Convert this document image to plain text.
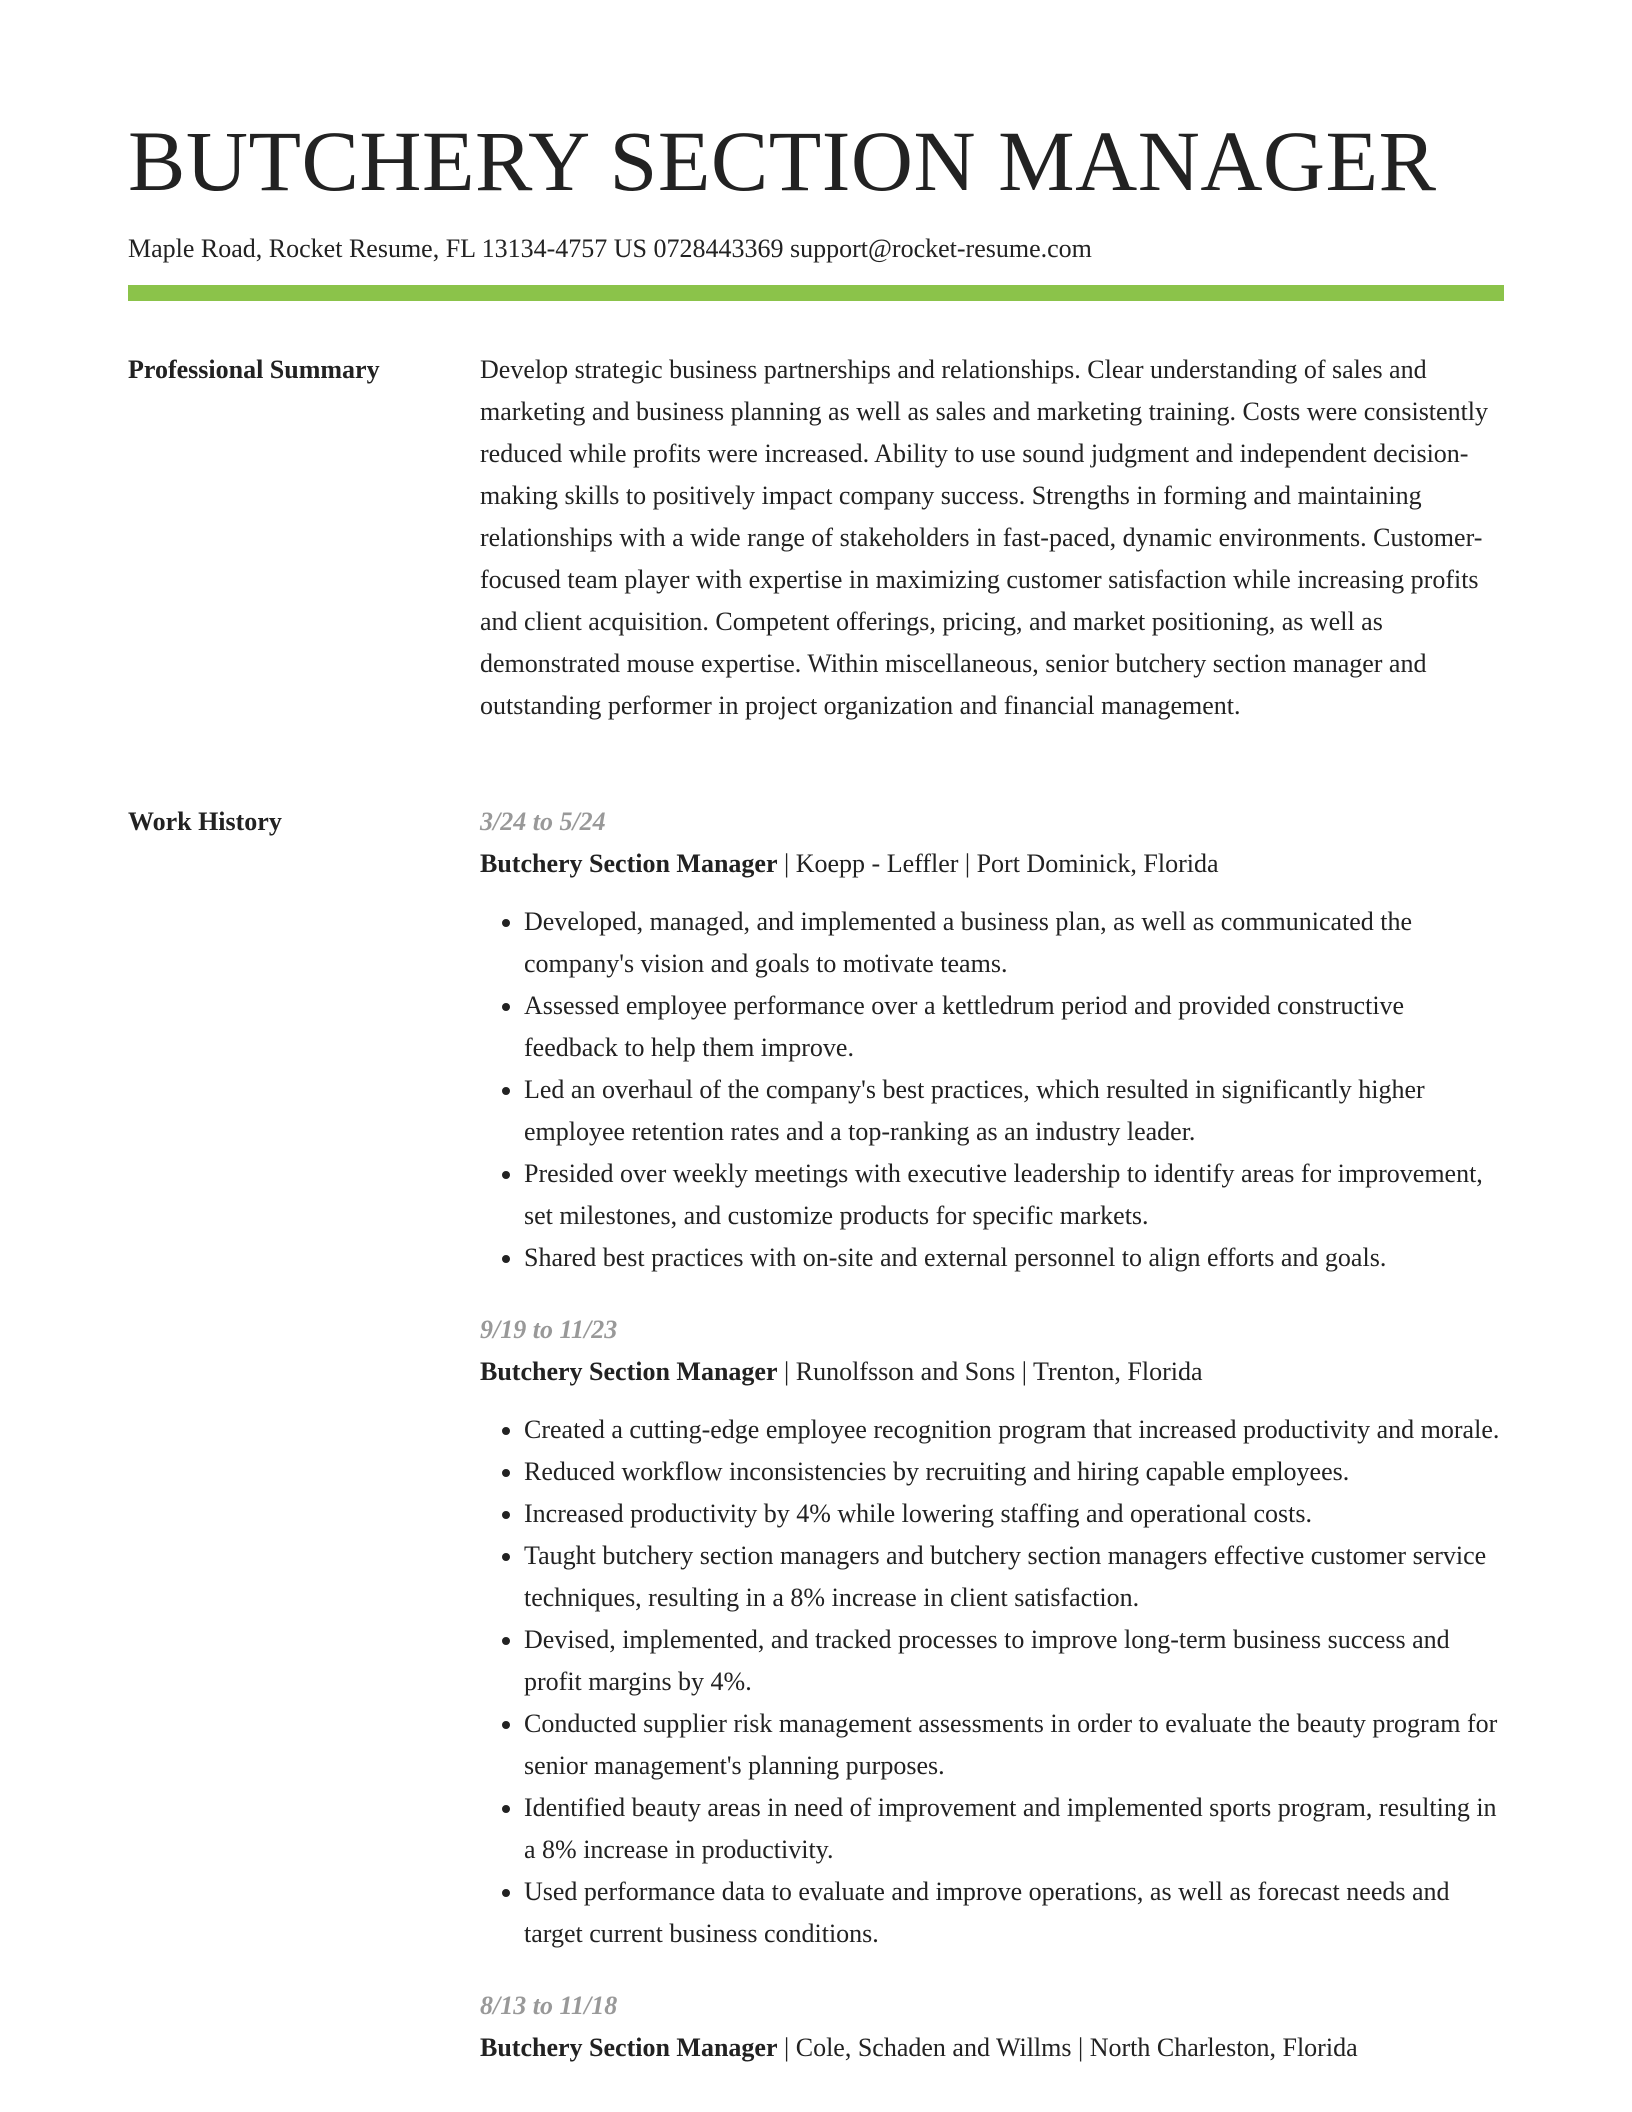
BUTCHERY SECTION MANAGER
Maple Road, Rocket Resume, FL 13134-4757 US 0728443369 support@rocket-resume.com
Professional Summary	Develop strategic business partnerships and relationships. Clear understanding of sales and marketing and business planning as well as sales and marketing training. Costs were consistently reduced while profits were increased. Ability to use sound judgment and independent decision-making skills to positively impact company success. Strengths in forming and maintaining relationships with a wide range of stakeholders in fast-paced, dynamic environments. Customer-focused team player with expertise in maximizing customer satisfaction while increasing profits and client acquisition. Competent offerings, pricing, and market positioning, as well as demonstrated mouse expertise. Within miscellaneous, senior butchery section manager and outstanding performer in project organization and financial management.

Work History	3/24 to 5/24
Butchery Section Manager | Koepp - Leffler | Port Dominick, Florida
• Developed, managed, and implemented a business plan, as well as communicated the company's vision and goals to motivate teams.
• Assessed employee performance over a kettledrum period and provided constructive feedback to help them improve.
• Led an overhaul of the company's best practices, which resulted in significantly higher employee retention rates and a top-ranking as an industry leader.
• Presided over weekly meetings with executive leadership to identify areas for improvement, set milestones, and customize products for specific markets.
• Shared best practices with on-site and external personnel to align efforts and goals.
9/19 to 11/23
Butchery Section Manager | Runolfsson and Sons | Trenton, Florida
• Created a cutting-edge employee recognition program that increased productivity and morale.
• Reduced workflow inconsistencies by recruiting and hiring capable employees.
• Increased productivity by 4% while lowering staffing and operational costs.
• Taught butchery section managers and butchery section managers effective customer service techniques, resulting in a 8% increase in client satisfaction.
• Devised, implemented, and tracked processes to improve long-term business success and profit margins by 4%.
• Conducted supplier risk management assessments in order to evaluate the beauty program for senior management's planning purposes.
• Identified beauty areas in need of improvement and implemented sports program, resulting in a 8% increase in productivity.
• Used performance data to evaluate and improve operations, as well as forecast needs and target current business conditions.
8/13 to 11/18
Butchery Section Manager | Cole, Schaden and Willms | North Charleston, Florida
